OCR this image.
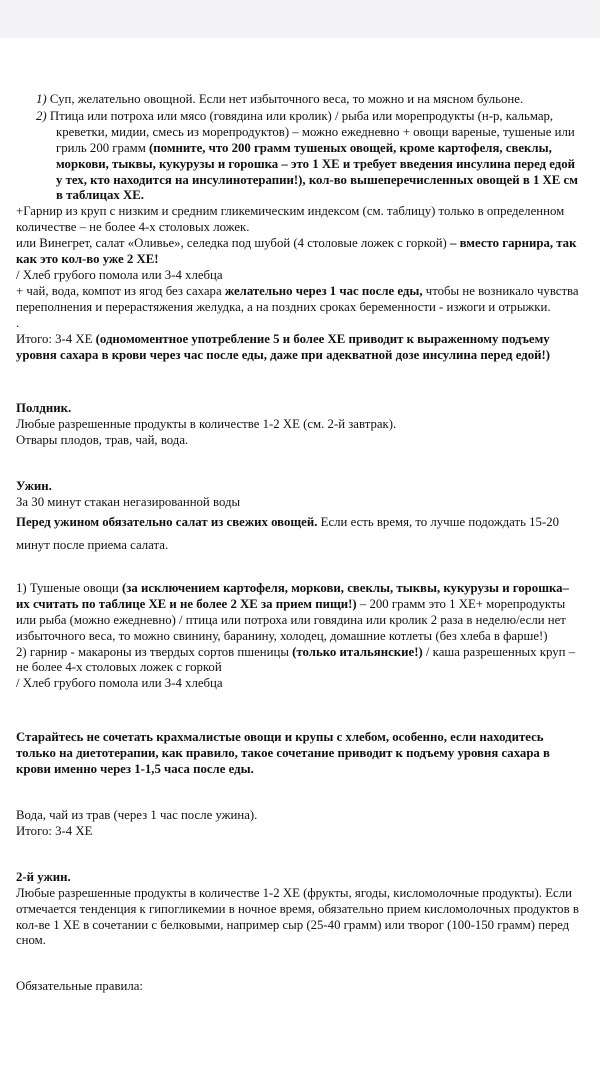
1) Суп, желательно овощной. Если нет избыточного веса, то можно и на мясном бульоне.

2) Птица или потроха или мясо (говядина или кролик) / рыба или морепродукты (н-р, кальмар, креветки, мидии, смесь из морепродуктов) – можно ежедневно + овощи вареные, тушеные или гриль 200 грамм (помните, что 200 грамм тушеных овощей, кроме картофеля, свеклы, моркови, тыквы, кукурузы и горошка – это 1 ХЕ и требует введения инсулина перед едой у тех, кто находится на инсулинотерапии!), кол-во вышеперечисленных овощей в 1 ХЕ см в таблицах ХЕ.

+Гарнир из круп с низким и средним гликемическим индексом (см. таблицу) только в определенном количестве – не более 4-х столовых ложек.

или Винегрет, салат «Оливье», селедка под шубой (4 столовые ложек с горкой) – вместо гарнира, так как это кол-во уже 2 ХЕ!

/ Хлеб грубого помола или 3-4 хлебца

+ чай, вода, компот из ягод без сахара желательно через 1 час после еды, чтобы не возникало чувства переполнения и перерастяжения желудка, а на поздних сроках беременности - изжоги и отрыжки.

.

Итого: 3-4 ХЕ (одномоментное употребление 5 и более ХЕ приводит к выраженному подъему уровня сахара в крови через час после еды, даже при адекватной дозе инсулина перед едой!)

Полдник.

Любые разрешенные продукты в количестве 1-2 ХЕ (см. 2-й завтрак).

Отвары плодов, трав, чай, вода.

Ужин.

За 30 минут стакан негазированной воды

Перед ужином обязательно салат из свежих овощей. Если есть время, то лучше подождать 15-20 минут после приема салата.

1) Тушеные овощи (за исключением картофеля, моркови, свеклы, тыквы, кукурузы и горошка– их считать по таблице ХЕ и не более 2 ХЕ за прием пищи!) – 200 грамм это 1 ХЕ+ морепродукты или рыба (можно ежедневно) / птица или потроха или говядина или кролик 2 раза в неделю/если нет избыточного веса, то можно свинину, баранину, холодец, домашние котлеты (без хлеба в фарше!)

2) гарнир - макароны из твердых сортов пшеницы (только итальянские!) / каша разрешенных круп – не более 4-х столовых ложек с горкой

/ Хлеб грубого помола или 3-4 хлебца

Старайтесь не сочетать крахмалистые овощи и крупы с хлебом, особенно, если находитесь только на диетотерапии, как правило, такое сочетание приводит к подъему уровня сахара в крови именно через 1-1,5 часа после еды.

Вода, чай из трав (через 1 час после ужина).

Итого: 3-4 ХЕ

2-й ужин.

Любые разрешенные продукты в количестве 1-2 ХЕ (фрукты, ягоды, кисломолочные продукты). Если отмечается тенденция к гипогликемии в ночное время, обязательно прием кисломолочных продуктов в кол-ве 1 ХЕ в сочетании с белковыми, например сыр (25-40 грамм) или творог (100-150 грамм) перед сном.

Обязательные правила:
